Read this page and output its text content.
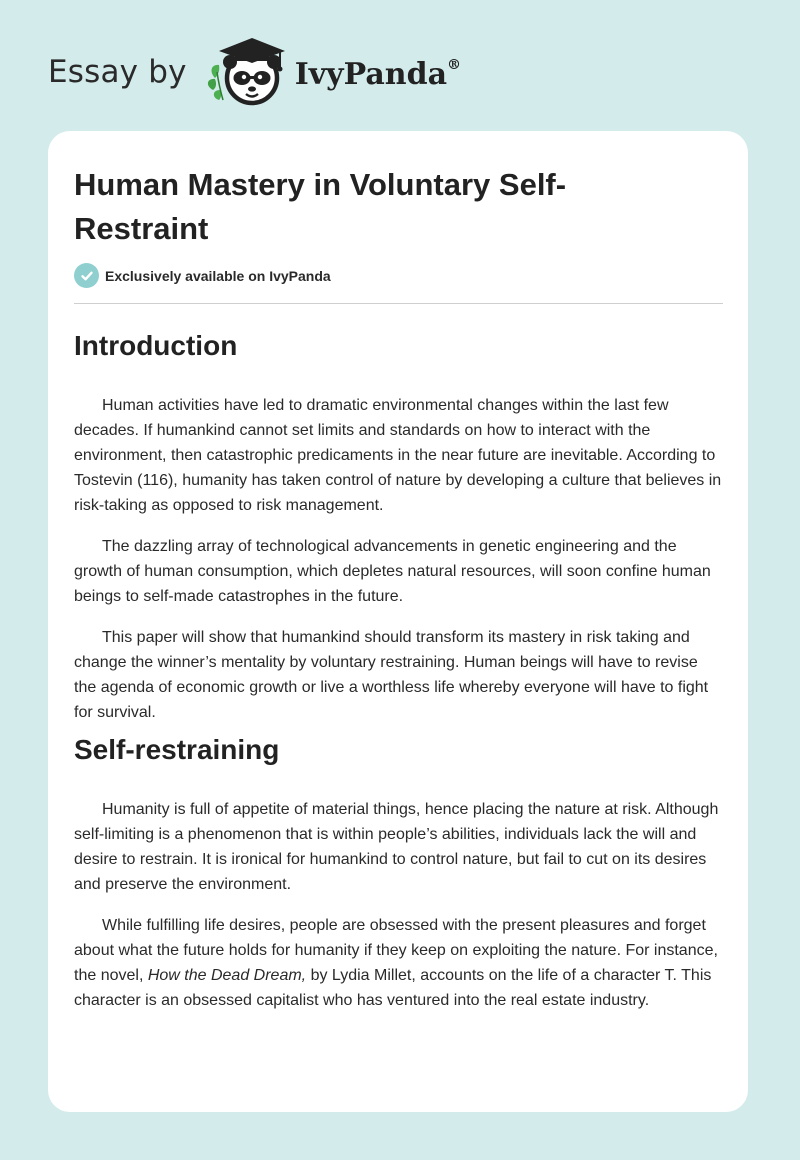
Essay by	IvyPanda®
Human Mastery in Voluntary Self-Restraint
Exclusively available on IvyPanda
Introduction

Human activities have led to dramatic environmental changes within the last few decades. If humankind cannot set limits and standards on how to interact with the environment, then catastrophic predicaments in the near future are inevitable. According to Tostevin (116), humanity has taken control of nature by developing a culture that believes in risk-taking as opposed to risk management.

The dazzling array of technological advancements in genetic engineering and the growth of human consumption, which depletes natural resources, will soon confine human beings to self-made catastrophes in the future.

This paper will show that humankind should transform its mastery in risk taking and change the winner’s mentality by voluntary restraining. Human beings will have to revise the agenda of economic growth or live a worthless life whereby everyone will have to fight for survival.

Self-restraining

Humanity is full of appetite of material things, hence placing the nature at risk. Although self-limiting is a phenomenon that is within people’s abilities, individuals lack the will and desire to restrain. It is ironical for humankind to control nature, but fail to cut on its desires and preserve the environment.

While fulfilling life desires, people are obsessed with the present pleasures and forget about what the future holds for humanity if they keep on exploiting the nature. For instance, the novel, How the Dead Dream, by Lydia Millet, accounts on the life of a character T. This character is an obsessed capitalist who has ventured into the real estate industry.
